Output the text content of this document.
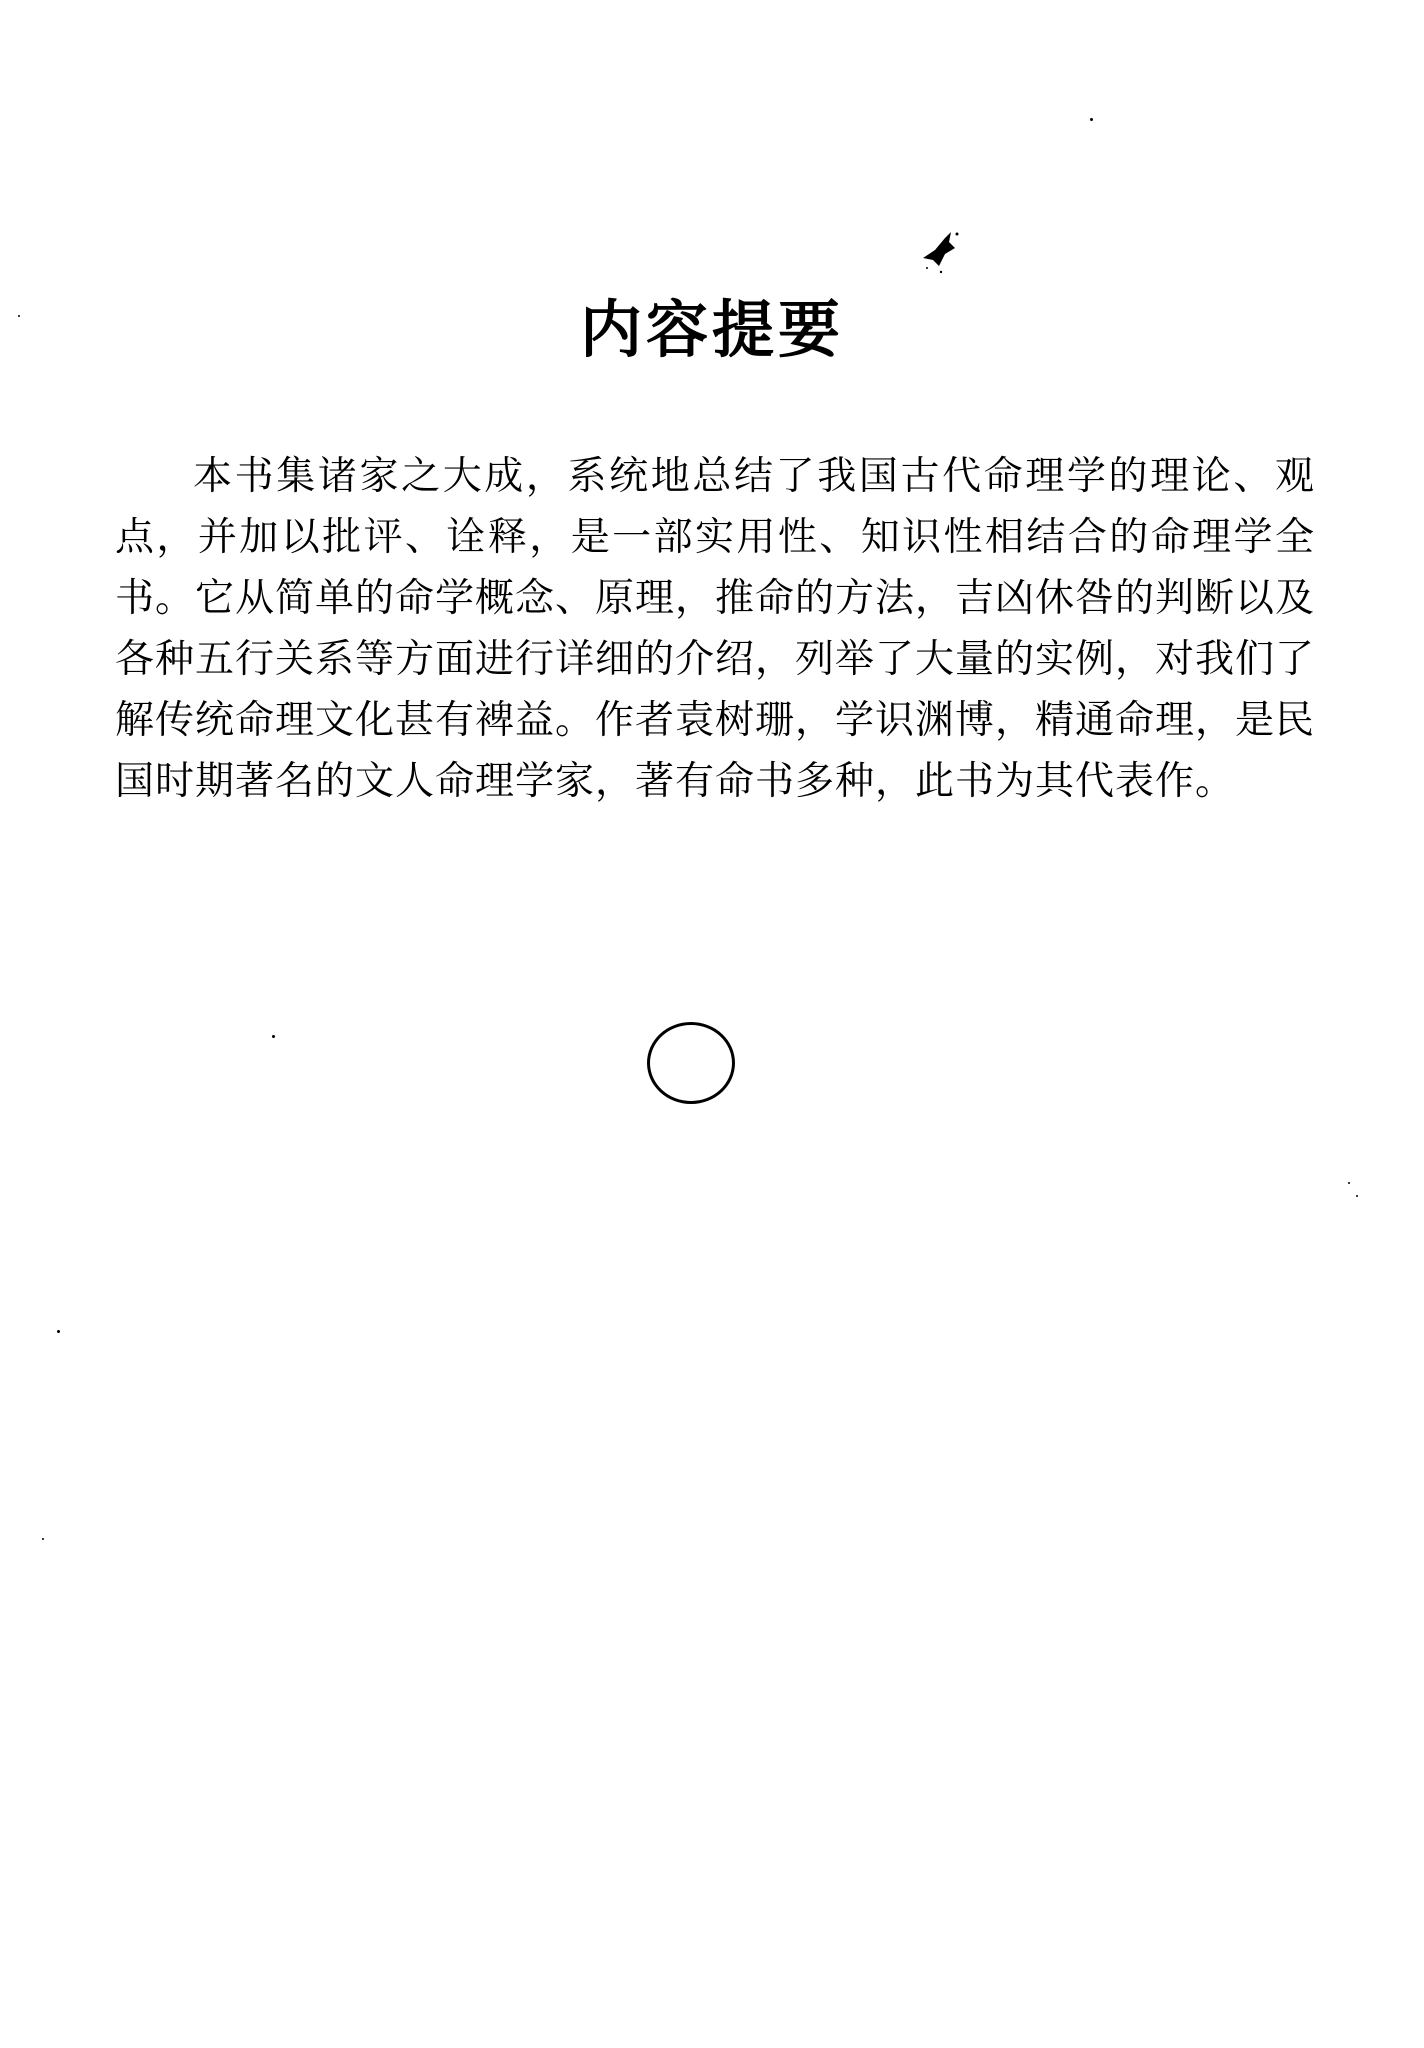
内容提要

本书集诸家之大成，系统地总结了我国古代命理学的理论、观点，并加以批评、诠释，是一部实用性、知识性相结合的命理学全书。它从简单的命学概念、原理，推命的方法，吉凶休咎的判断以及各种五行关系等方面进行详细的介绍，列举了大量的实例，对我们了解传统命理文化甚有裨益。作者袁树珊，学识渊博，精通命理，是民国时期著名的文人命理学家，著有命书多种，此书为其代表作。
